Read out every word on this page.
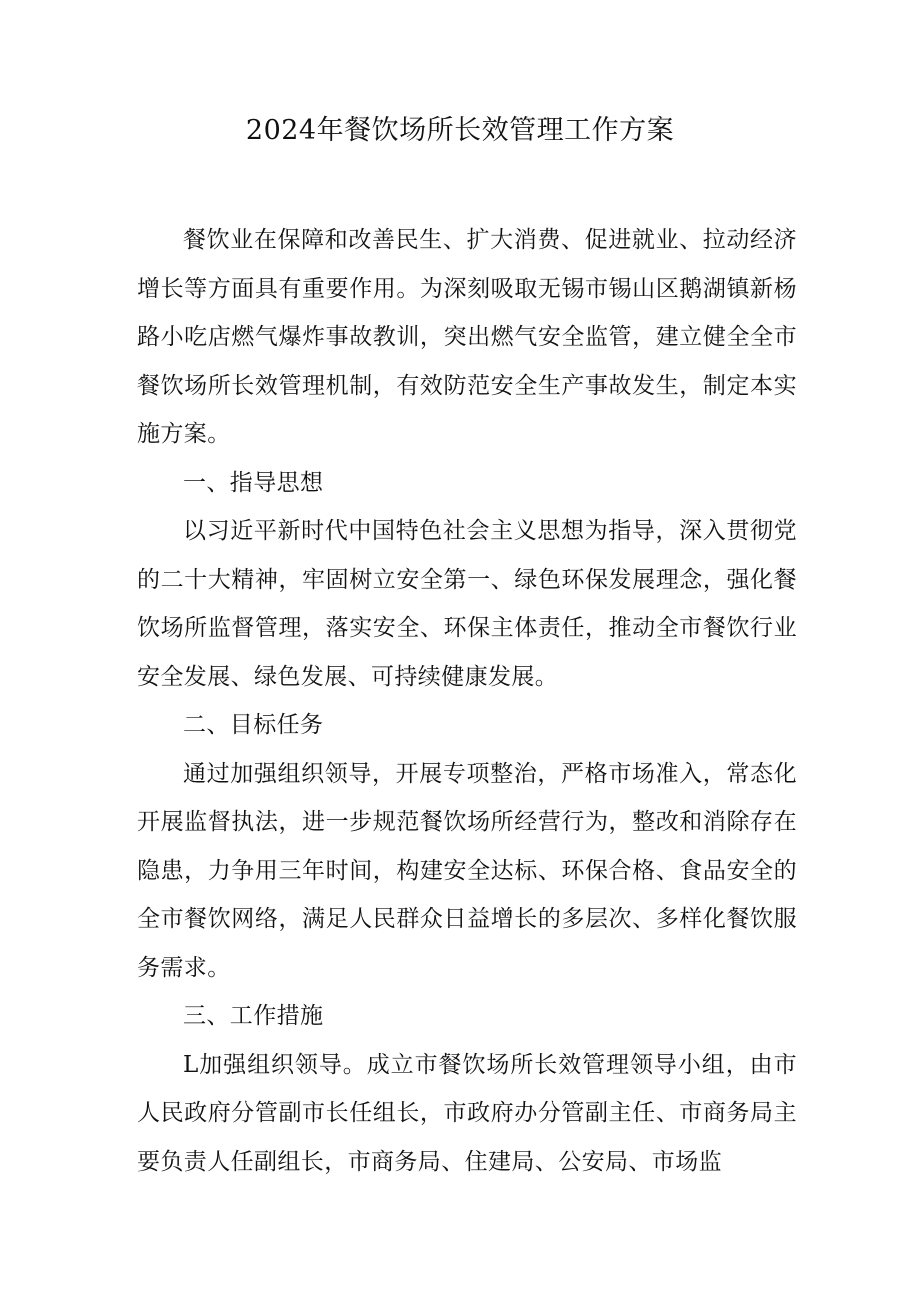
2024年餐饮场所长效管理工作方案

餐饮业在保障和改善民生、扩大消费、促进就业、拉动经济增长等方面具有重要作用。为深刻吸取无锡市锡山区鹅湖镇新杨路小吃店燃气爆炸事故教训，突出燃气安全监管，建立健全全市餐饮场所长效管理机制，有效防范安全生产事故发生，制定本实施方案。

一、指导思想

以习近平新时代中国特色社会主义思想为指导，深入贯彻党的二十大精神，牢固树立安全第一、绿色环保发展理念，强化餐饮场所监督管理，落实安全、环保主体责任，推动全市餐饮行业安全发展、绿色发展、可持续健康发展。

二、目标任务

通过加强组织领导，开展专项整治，严格市场准入，常态化开展监督执法，进一步规范餐饮场所经营行为，整改和消除存在隐患，力争用三年时间，构建安全达标、环保合格、食品安全的全市餐饮网络，满足人民群众日益增长的多层次、多样化餐饮服务需求。

三、工作措施

L加强组织领导。成立市餐饮场所长效管理领导小组，由市人民政府分管副市长任组长，市政府办分管副主任、市商务局主要负责人任副组长，市商务局、住建局、公安局、市场监
